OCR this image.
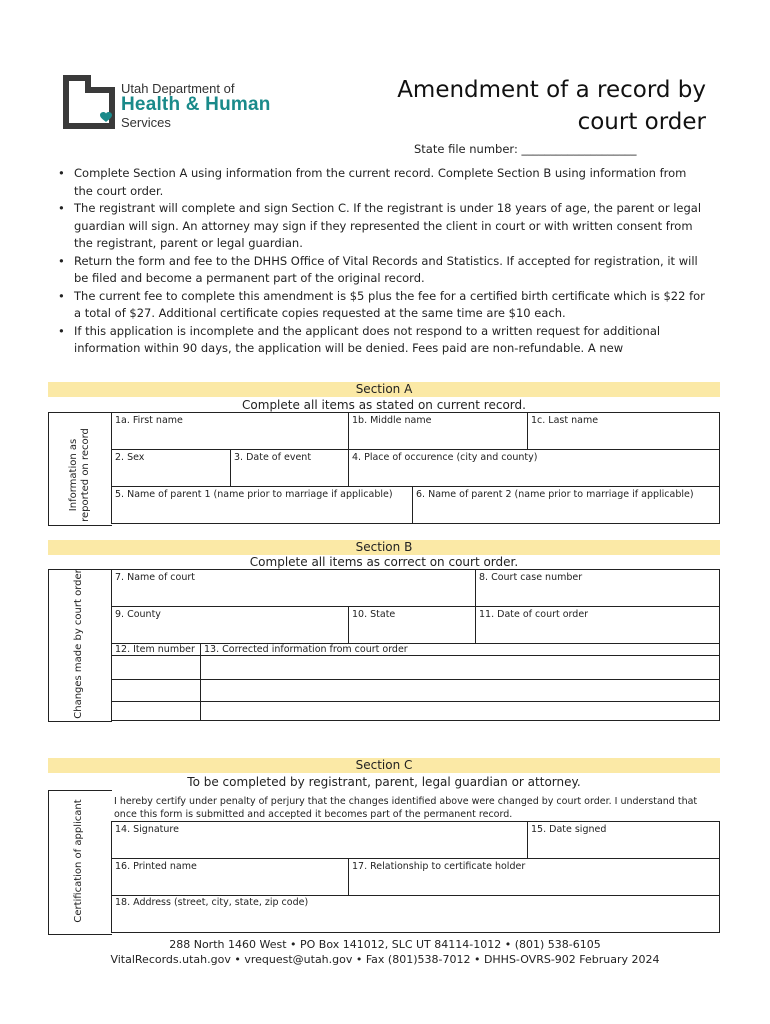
Utah Department of
Health & Human
Services
Amendment of a record by
court order
State file number: ____________________
• Complete Section A using information from the current record. Complete Section B using information from the court order.
• The registrant will complete and sign Section C. If the registrant is under 18 years of age, the parent or legal guardian will sign. An attorney may sign if they represented the client in court or with written consent from the registrant, parent or legal guardian.
• Return the form and fee to the DHHS Office of Vital Records and Statistics. If accepted for registration, it will be filed and become a permanent part of the original record.
• The current fee to complete this amendment is $5 plus the fee for a certified birth certificate which is $22 for a total of $27. Additional certificate copies requested at the same time are $10 each.
• If this application is incomplete and the applicant does not respond to a written request for additional information within 90 days, the application will be denied. Fees paid are non-refundable. A new
Section A
Complete all items as stated on current record.
Information as
reported on record
1a. First name	1b. Middle name	1c. Last name
2. Sex	3. Date of event	4. Place of occurence (city and county)
5. Name of parent 1 (name prior to marriage if applicable)	6. Name of parent 2 (name prior to marriage if applicable)
Section B
Complete all items as correct on court order.
Changes made by court order	7. Name of court	8. Court case number
9. County	10. State	11. Date of court order
12. Item number 13. Corrected information from court order
Section C
To be completed by registrant, parent, legal guardian or attorney.
Certification of applicant	I hereby certify under penalty of perjury that the changes identified above were changed by court order. I understand that once this form is submitted and accepted it becomes part of the permanent record.
14. Signature	15. Date signed
16. Printed name	17. Relationship to certificate holder
18. Address (street, city, state, zip code)
288 North 1460 West • PO Box 141012, SLC UT 84114-1012 • (801) 538-6105
VitalRecords.utah.gov • vrequest@utah.gov • Fax (801)538-7012 • DHHS-OVRS-902 February 2024
